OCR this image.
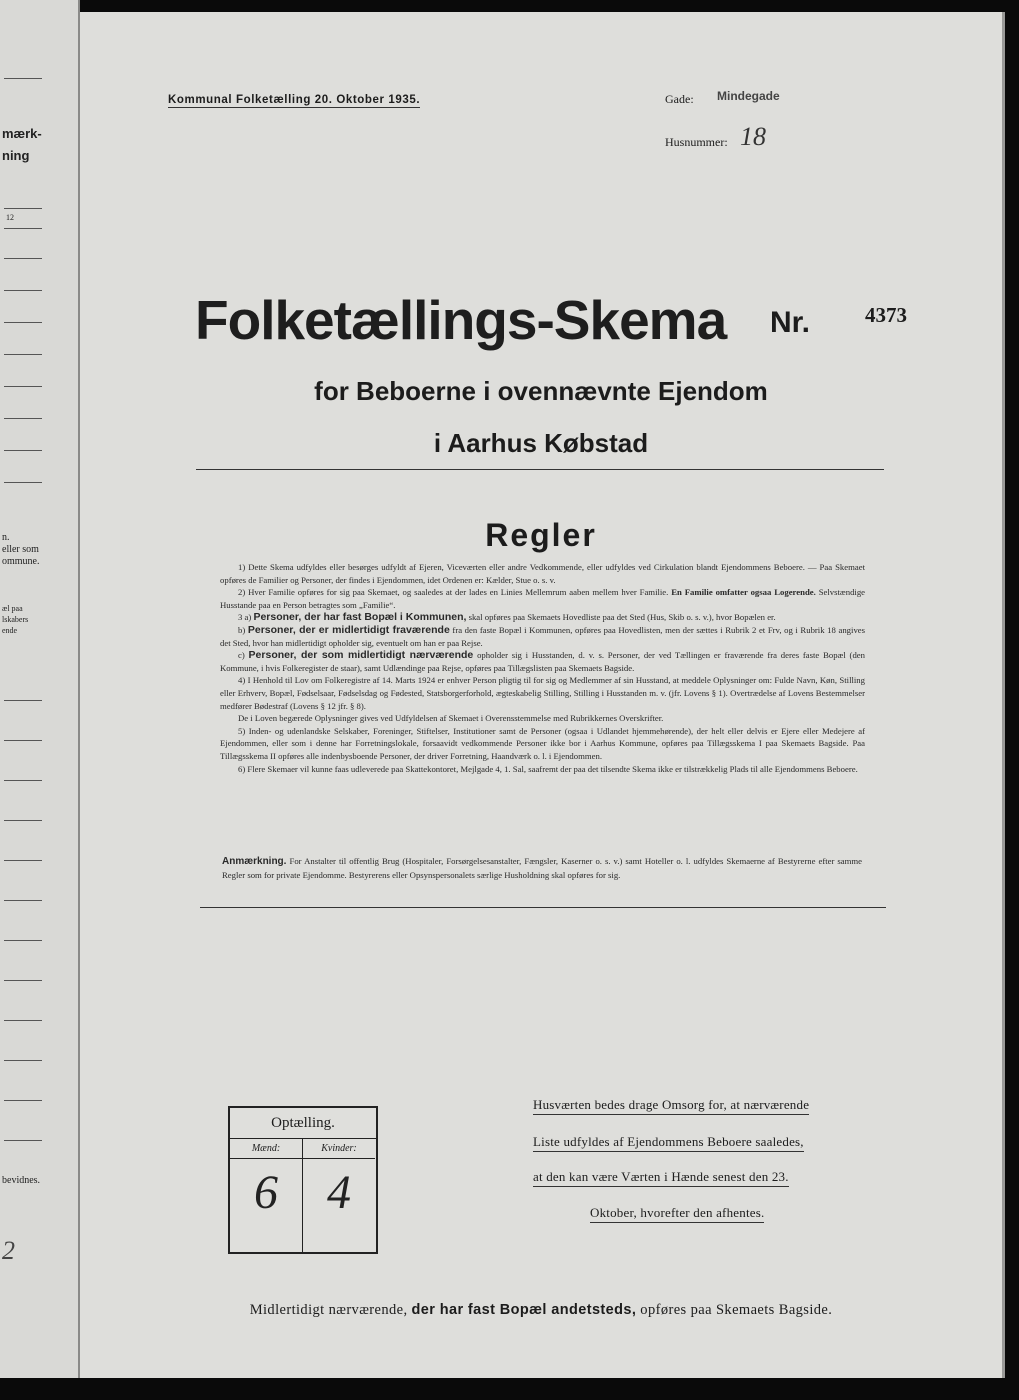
mærk-
ning
12
n.
eller som
ommune.
æl paa
lskabers
ende
bevidnes.
2
Kommunal Folketælling 20. Oktober 1935.	Gade: Mindegade
Husnummer: 18
Folketællings-Skema Nr.	4373
for Beboerne i ovennævnte Ejendom
i Aarhus Købstad
Regler

1) Dette Skema udfyldes eller besørges udfyldt af Ejeren, Viceværten eller andre Vedkommende, eller udfyldes ved Cirkulation blandt Ejendommens Beboere. — Paa Skemaet opføres de Familier og Personer, der findes i Ejendommen, idet Ordenen er: Kælder, Stue o. s. v.

2) Hver Familie opføres for sig paa Skemaet, og saaledes at der lades en Linies Mellemrum aaben mellem hver Familie. En Familie omfatter ogsaa Logerende. Selvstændige Husstande paa en Person betragtes som „Familie“.

3 a) Personer, der har fast Bopæl i Kommunen, skal opføres paa Skemaets Hovedliste paa det Sted (Hus, Skib o. s. v.), hvor Bopælen er.

b) Personer, der er midlertidigt fraværende fra den faste Bopæl i Kommunen, opføres paa Hovedlisten, men der sættes i Rubrik 2 et Frv, og i Rubrik 18 angives det Sted, hvor han midlertidigt opholder sig, eventuelt om han er paa Rejse.

c) Personer, der som midlertidigt nærværende opholder sig i Husstanden, d. v. s. Personer, der ved Tællingen er fraværende fra deres faste Bopæl (den Kommune, i hvis Folkeregister de staar), samt Udlændinge paa Rejse, opføres paa Tillægslisten paa Skemaets Bagside.

4) I Henhold til Lov om Folkeregistre af 14. Marts 1924 er enhver Person pligtig til for sig og Medlemmer af sin Husstand, at meddele Oplysninger om: Fulde Navn, Køn, Stilling eller Erhverv, Bopæl, Fødselsaar, Fødselsdag og Fødested, Statsborgerforhold, ægteskabelig Stilling, Stilling i Husstanden m. v. (jfr. Lovens § 1). Overtrædelse af Lovens Bestemmelser medfører Bødestraf (Lovens § 12 jfr. § 8).

De i Loven begærede Oplysninger gives ved Udfyldelsen af Skemaet i Overensstemmelse med Rubrikkernes Overskrifter.

5) Inden- og udenlandske Selskaber, Foreninger, Stiftelser, Institutioner samt de Personer (ogsaa i Udlandet hjemmehørende), der helt eller delvis er Ejere eller Medejere af Ejendommen, eller som i denne har Forretningslokale, forsaavidt vedkommende Personer ikke bor i Aarhus Kommune, opføres paa Tillægsskema I paa Skemaets Bagside. Paa Tillægsskema II opføres alle indenbysboende Personer, der driver Forretning, Haandværk o. l. i Ejendommen.

6) Flere Skemaer vil kunne faas udleverede paa Skattekontoret, Mejlgade 4, 1. Sal, saafremt der paa det tilsendte Skema ikke er tilstrækkelig Plads til alle Ejendommens Beboere.

Anmærkning. For Anstalter til offentlig Brug (Hospitaler, Forsørgelsesanstalter, Fængsler, Kaserner o. s. v.) samt Hoteller o. l. udfyldes Skemaerne af Bestyrerne efter samme Regler som for private Ejendomme. Bestyrerens eller Opsynspersonalets særlige Husholdning skal opføres for sig.
Optælling.
Mænd:
6
Kvinder:
4
Husværten bedes drage Omsorg for, at nærværende
Liste udfyldes af Ejendommens Beboere saaledes,
at den kan være Værten i Hænde senest den 23.
Oktober, hvorefter den afhentes.
Midlertidigt nærværende, der har fast Bopæl andetsteds, opføres paa Skemaets Bagside.
